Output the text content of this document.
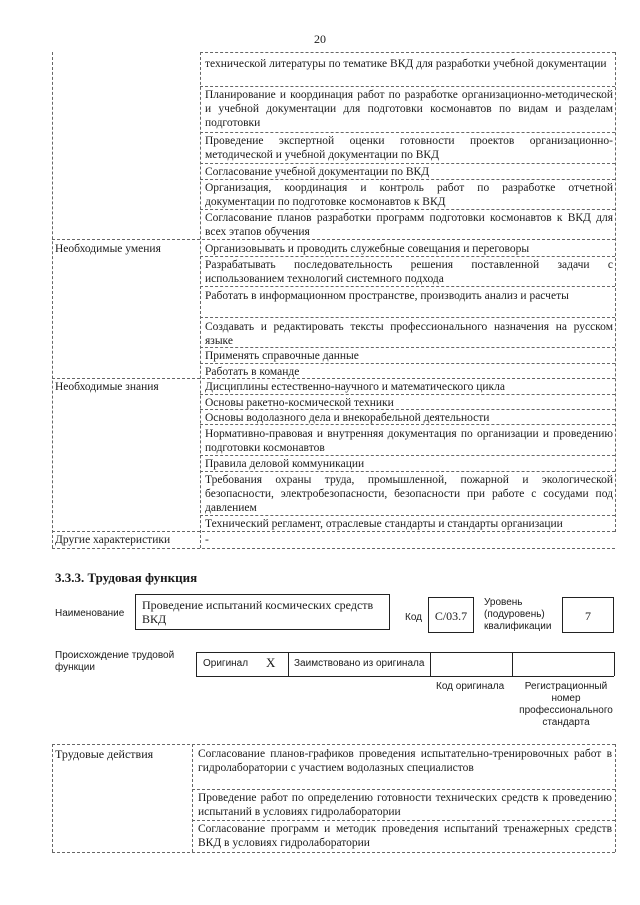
20
технической литературы по тематике ВКД для разработки учебной документации
Планирование и координация работ по разработке организационно-методической и учебной документации для подготовки космонавтов по видам и разделам подготовки
Проведение экспертной оценки готовности проектов организационно-методической и учебной документации по ВКД
Согласование учебной документации по ВКД
Организация, координация и контроль работ по разработке отчетной документации по подготовке космонавтов к ВКД
Согласование планов разработки программ подготовки космонавтов к ВКД для всех этапов обучения
Необходимые умения	Организовывать и проводить служебные совещания и переговоры
Разрабатывать последовательность решения поставленной задачи с использованием технологий системного подхода
Работать в информационном пространстве, производить анализ и расчеты
Создавать и редактировать тексты профессионального назначения на русском языке
Применять справочные данные
Работать в команде
Необходимые знания	Дисциплины естественно-научного и математического цикла
Основы ракетно-космической техники
Основы водолазного дела и внекорабельной деятельности
Нормативно-правовая и внутренняя документация по организации и проведению подготовки космонавтов
Правила деловой коммуникации
Требования охраны труда, промышленной, пожарной и экологической безопасности, электробезопасности, безопасности при работе с сосудами под давлением
Технический регламент, отраслевые стандарты и стандарты организации
Другие характеристики	-
3.3.3. Трудовая функция
Наименование
Проведение испытаний космических средств ВКД	Код	С/03.7
Уровень (подуровень) квалификации
7
Происхождение трудовой функции	Оригинал X Заимствовано из оригинала
Код оригинала	Регистрационный номер профессионального стандарта
Трудовые действия	Согласование планов-графиков проведения испытательно-тренировочных работ в гидролаборатории с участием водолазных специалистов
Проведение работ по определению готовности технических средств к проведению испытаний в условиях гидролаборатории
Согласование программ и методик проведения испытаний тренажерных средств ВКД в условиях гидролаборатории
